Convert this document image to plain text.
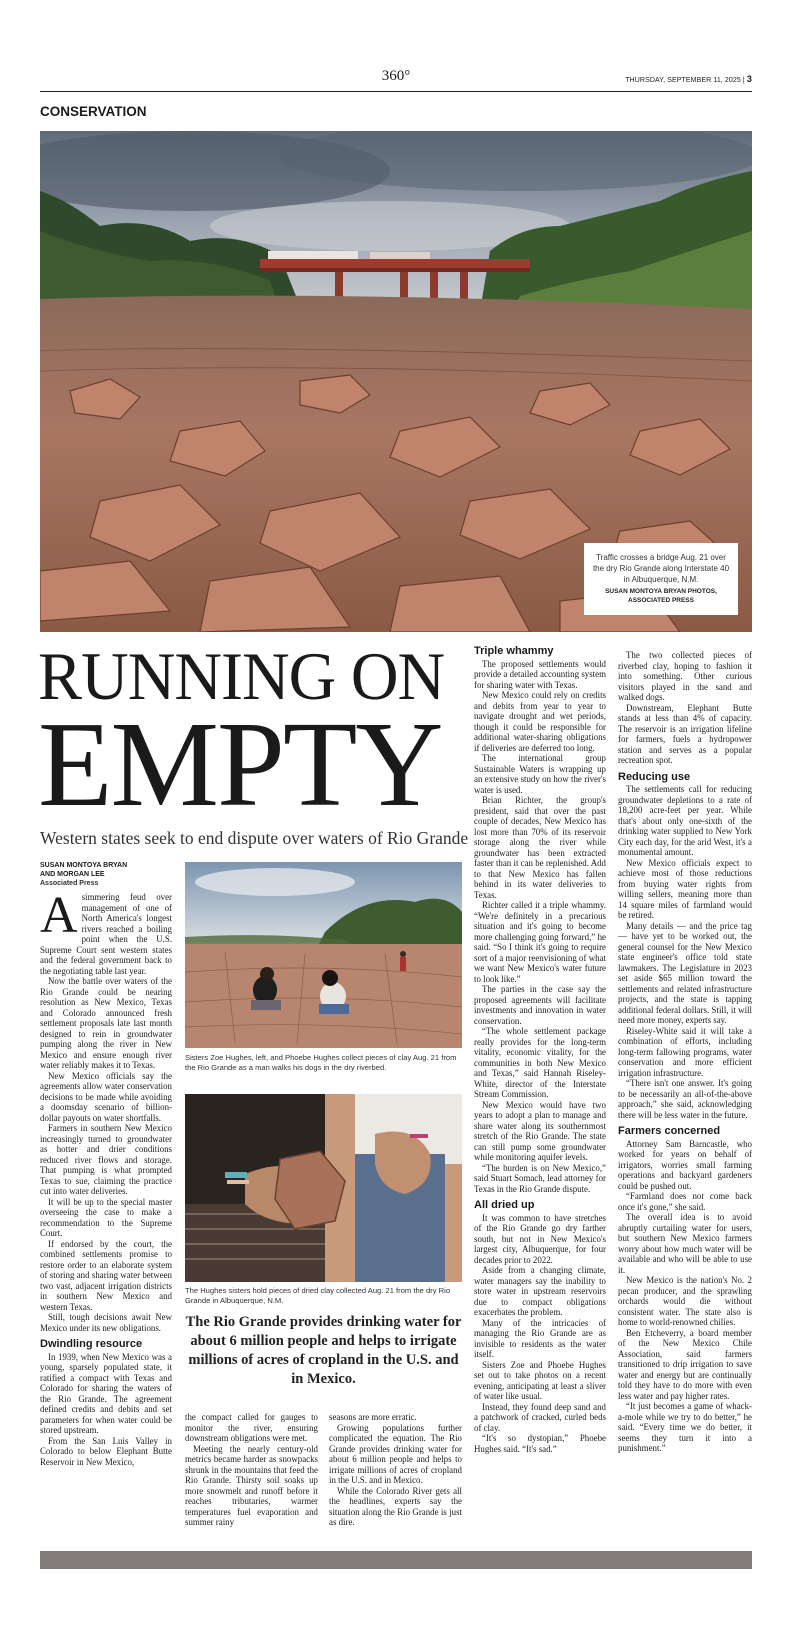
360°	THURSDAY, SEPTEMBER 11, 2025 | 3
CONSERVATION
Traffic crosses a bridge Aug. 21 over the dry Rio Grande along Interstate 40 in Albuquerque, N.M.
SUSAN MONTOYA BRYAN PHOTOS, ASSOCIATED PRESS
RUNNING ON
EMPTY
Western states seek to end dispute over waters of Rio Grande
SUSAN MONTOYA BRYAN
AND MORGAN LEE
Associated Press

Asimmering feud over management of one of North America's longest rivers reached a boiling point when the U.S. Supreme Court sent western states and the federal government back to the negotiating table last year.

Now the battle over waters of the Rio Grande could be nearing resolution as New Mexico, Texas and Colorado announced fresh settlement proposals late last month designed to rein in groundwater pumping along the river in New Mexico and ensure enough river water reliably makes it to Texas.

New Mexico officials say the agreements allow water conservation decisions to be made while avoiding a doomsday scenario of billion-dollar payouts on water shortfalls.

Farmers in southern New Mexico increasingly turned to groundwater as hotter and drier conditions reduced river flows and storage. That pumping is what prompted Texas to sue, claiming the practice cut into water deliveries.

It will be up to the special master overseeing the case to make a recommendation to the Supreme Court.

If endorsed by the court, the combined settlements promise to restore order to an elaborate system of storing and sharing water between two vast, adjacent irrigation districts in southern New Mexico and western Texas.

Still, tough decisions await New Mexico under its new obligations.

Dwindling resource

In 1939, when New Mexico was a young, sparsely populated state, it ratified a compact with Texas and Colorado for sharing the waters of the Rio Grande. The agreement defined credits and debits and set parameters for when water could be stored upstream.

From the San Luis Valley in Colorado to below Elephant Butte Reservoir in New Mexico,

Sisters Zoe Hughes, left, and Phoebe Hughes collect pieces of clay Aug. 21 from the Rio Grande as a man walks his dogs in the dry riverbed.
The Hughes sisters hold pieces of dried clay collected Aug. 21 from the dry Rio Grande in Albuquerque, N.M.
The Rio Grande provides drinking water for about 6 million people and helps to irrigate millions of acres of cropland in the U.S. and in Mexico.

the compact called for gauges to monitor the river, ensuring downstream obligations were met.

Meeting the nearly century-old metrics became harder as snowpacks shrunk in the mountains that feed the Rio Grande. Thirsty soil soaks up more snowmelt and runoff before it reaches tributaries, warmer temperatures fuel evaporation and summer rainy

seasons are more erratic.

Growing populations further complicated the equation. The Rio Grande provides drinking water for about 6 million people and helps to irrigate millions of acres of cropland in the U.S. and in Mexico.

While the Colorado River gets all the headlines, experts say the situation along the Rio Grande is just as dire.

Triple whammy

The proposed settlements would provide a detailed accounting system for sharing water with Texas.

New Mexico could rely on credits and debits from year to year to navigate drought and wet periods, though it could be responsible for additional water-sharing obligations if deliveries are deferred too long.

The international group Sustainable Waters is wrapping up an extensive study on how the river's water is used.

Brian Richter, the group's president, said that over the past couple of decades, New Mexico has lost more than 70% of its reservoir storage along the river while groundwater has been extracted faster than it can be replenished. Add to that New Mexico has fallen behind in its water deliveries to Texas.

Richter called it a triple whammy. “We're definitely in a precarious situation and it's going to become more challenging going forward,” he said. “So I think it's going to require sort of a major reenvisioning of what we want New Mexico's water future to look like.”

The parties in the case say the proposed agreements will facilitate investments and innovation in water conservation.

“The whole settlement package really provides for the long-term vitality, economic vitality, for the communities in both New Mexico and Texas,” said Hannah Riseley-White, director of the Interstate Stream Commission.

New Mexico would have two years to adopt a plan to manage and share water along its southernmost stretch of the Rio Grande. The state can still pump some groundwater while monitoring aquifer levels.

“The burden is on New Mexico,” said Stuart Somach, lead attorney for Texas in the Rio Grande dispute.

All dried up

It was common to have stretches of the Rio Grande go dry farther south, but not in New Mexico's largest city, Albuquerque, for four decades prior to 2022.

Aside from a changing climate, water managers say the inability to store water in upstream reservoirs due to compact obligations exacerbates the problem.

Many of the intricacies of managing the Rio Grande are as invisible to residents as the water itself.

Sisters Zoe and Phoebe Hughes set out to take photos on a recent evening, anticipating at least a sliver of water like usual.

Instead, they found deep sand and a patchwork of cracked, curled beds of clay.

“It's so dystopian,” Phoebe Hughes said. “It's sad.”

The two collected pieces of riverbed clay, hoping to fashion it into something. Other curious visitors played in the sand and walked dogs.

Downstream, Elephant Butte stands at less than 4% of capacity. The reservoir is an irrigation lifeline for farmers, fuels a hydropower station and serves as a popular recreation spot.

Reducing use

The settlements call for reducing groundwater depletions to a rate of 18,200 acre-feet per year. While that's about only one-sixth of the drinking water supplied to New York City each day, for the arid West, it's a monumental amount.

New Mexico officials expect to achieve most of those reductions from buying water rights from willing sellers, meaning more than 14 square miles of farmland would be retired.

Many details — and the price tag — have yet to be worked out, the general counsel for the New Mexico state engineer's office told state lawmakers. The Legislature in 2023 set aside $65 million toward the settlements and related infrastructure projects, and the state is tapping additional federal dollars. Still, it will need more money, experts say.

Riseley-White said it will take a combination of efforts, including long-term fallowing programs, water conservation and more efficient irrigation infrastructure.

“There isn't one answer. It's going to be necessarily an all-of-the-above approach,” she said, acknowledging there will be less water in the future.

Farmers concerned

Attorney Sam Barncastle, who worked for years on behalf of irrigators, worries small farming operations and backyard gardeners could be pushed out.

“Farmland does not come back once it's gone,” she said.

The overall idea is to avoid abruptly curtailing water for users, but southern New Mexico farmers worry about how much water will be available and who will be able to use it.

New Mexico is the nation's No. 2 pecan producer, and the sprawling orchards would die without consistent water. The state also is home to world-renowned chilies.

Ben Etcheverry, a board member of the New Mexico Chile Association, said farmers transitioned to drip irrigation to save water and energy but are continually told they have to do more with even less water and pay higher rates.

“It just becomes a game of whack-a-mole while we try to do better,” he said. “Every time we do better, it seems they turn it into a punishment.”
